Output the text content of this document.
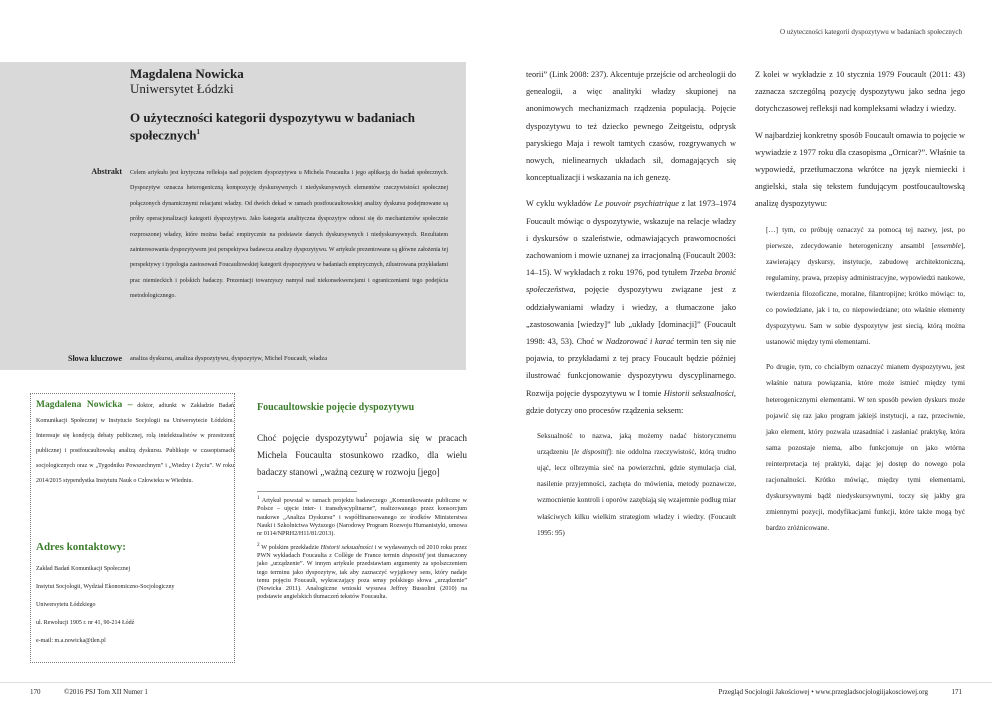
O użyteczności kategorii dyspozytywu w badaniach społecznych
Magdalena Nowicka
Uniwersytet Łódzki
O użyteczności kategorii dyspozytywu w badaniach społecznych$^1$
Abstrakt Celem artykułu jest krytyczna refleksja nad pojęciem dyspozytywu u Michela Foucaulta i jego aplikacją do badań społecznych. Dyspozytyw oznacza heterogeniczną kompozycję dyskursywnych i niedyskursywnych elementów rzeczywistości społecznej połączonych dynamicznymi relacjami władzy. Od dwóch dekad w ramach postfoucaultowskiej analizy dyskursu podejmowane są próby operacjonalizacji kategorii dyspozytywu. Jako kategoria analityczna dyspozytyw odnosi się do mechanizmów społecznie rozproszonej władzy, które można badać empirycznie na podstawie danych dyskursywnych i niedyskursywnych. Rezultatem zainteresowania dyspozytywem jest perspektywa badawcza analizy dyspozytywu. W artykule prezentowane są główne założenia tej perspektywy i typologia zastosowań Foucaultowskiej kategorii dyspozytywu w badaniach empirycznych, zilustrowana przykładami prac niemieckich i polskich badaczy. Prezentacji towarzyszy namysł nad niekonsekwencjami i ograniczeniami tego podejścia metodologicznego.
Słowa kluczowe analiza dyskursu, analiza dyspozytywu, dyspozytyw, Michel Foucault, władza
Magdalena Nowicka – doktor, adiunkt w Zakładzie Badań Komunikacji Społecznej w Instytucie Socjologii na Uniwersytecie Łódzkim. Interesuje się kondycją debaty publicznej, rolą intelektualistów w przestrzeni publicznej i postfoucaultowską analizą dyskursu. Publikuje w czasopismach socjologicznych oraz w „Tygodniku Powszechnym” i „Wiedzy i Życiu”. W roku 2014/2015 stypendystka Instytutu Nauk o Człowieku w Wiedniu.
Adres kontaktowy:
Zakład Badań Komunikacji Społecznej
Instytut Socjologii, Wydział Ekonomiczno-Socjologiczny
Uniwersytetu Łódzkiego
ul. Rewolucji 1905 r. nr 41, 90-214 Łódź
e-mail: m.a.nowicka@tlen.pl
Foucaultowskie pojęcie dyspozytywu
Choć pojęcie dyspozytywu$^2$ pojawia się w pracach Michela Foucaulta stosunkowo rzadko, dla wielu badaczy stanowi „ważną cezurę w rozwoju [jego]
$^1$ Artykuł powstał w ramach projektu badawczego „Komunikowanie publiczne w Polsce – ujęcie inter- i transdyscyplinarne”, realizowanego przez konsorcjum naukowe „Analiza Dyskursu” i współfinansowanego ze środków Ministerstwa Nauki i Szkolnictwa Wyższego (Narodowy Program Rozwoju Humanistyki, umowa nr 0114/NPRH2/H11/81/2013).
$^2$ W polskim przekładzie Historii seksualności i w wydawanych od 2010 roku przez PWN wykładach Foucaulta z Collège de France termin dispositif jest tłumaczony jako „urządzenie”. W innym artykule przedstawiam argumenty za spolszczeniem tego terminu jako dyspozytyw, tak aby zaznaczyć wyjątkowy sens, który nadaje temu pojęciu Foucault, wykraczający poza sensy polskiego słowa „urządzenie” (Nowicka 2011). Analogiczne wnioski wysuwa Jeffrey Bussolini (2010) na podstawie angielskich tłumaczeń tekstów Foucaulta.

teorii” (Link 2008: 237). Akcentuje przejście od archeologii do genealogii, a więc analityki władzy skupionej na anonimowych mechanizmach rządzenia populacją. Pojęcie dyspozytywu to też dziecko pewnego Zeitgeistu, odprysk paryskiego Maja i rewolt tamtych czasów, rozgrywanych w nowych, nielinearnych układach sił, domagających się konceptualizacji i wskazania na ich genezę.

W cyklu wykładów Le pouvoir psychiatrique z lat 1973–1974 Foucault mówiąc o dyspozytywie, wskazuje na relacje władzy i dyskursów o szaleństwie, odmawiających prawomocności zachowaniom i mowie uznanej za irracjonalną (Foucault 2003: 14–15). W wykładach z roku 1976, pod tytułem Trzeba bronić społeczeństwa, pojęcie dyspozytywu związane jest z oddziaływaniami władzy i wiedzy, a tłumaczone jako „zastosowania [wiedzy]” lub „układy [dominacji]” (Foucault 1998: 43, 53). Choć w Nadzorować i karać termin ten się nie pojawia, to przykładami z tej pracy Foucault będzie później ilustrować funkcjonowanie dyspozytywu dyscyplinarnego. Rozwija pojęcie dyspozytywu w I tomie Historii seksualności, gdzie dotyczy ono procesów rządzenia seksem:

Seksualność to nazwa, jaką możemy nadać historycznemu urządzeniu [le dispositif]: nie oddolna rzeczywistość, którą trudno ująć, lecz olbrzymia sieć na powierzchni, gdzie stymulacja ciał, nasilenie przyjemności, zachęta do mówienia, metody poznawcze, wzmocnienie kontroli i oporów zazębiają się wzajemnie podług miar właściwych kilku wielkim strategiom władzy i wiedzy. (Foucault 1995: 95)

Z kolei w wykładzie z 10 stycznia 1979 Foucault (2011: 43) zaznacza szczególną pozycję dyspozytywu jako sedna jego dotychczasowej refleksji nad kompleksami władzy i wiedzy.

W najbardziej konkretny sposób Foucault omawia to pojęcie w wywiadzie z 1977 roku dla czasopisma „Ornicar?”. Właśnie ta wypowiedź, przetłumaczona wkrótce na język niemiecki i angielski, stała się tekstem fundującym postfoucaultowską analizę dyspozytywu:

[…] tym, co próbuję oznaczyć za pomocą tej nazwy, jest, po pierwsze, zdecydowanie heterogeniczny ansambl [ensemble], zawierający dyskursy, instytucje, zabudowę architektoniczną, regulaminy, prawa, przepisy administracyjne, wypowiedzi naukowe, twierdzenia filozoficzne, moralne, filantropijne; krótko mówiąc: to, co powiedziane, jak i to, co niepowiedziane; oto właśnie elementy dyspozytywu. Sam w sobie dyspozytyw jest siecią, którą można ustanowić między tymi elementami.

Po drugie, tym, co chciałbym oznaczyć mianem dyspozytywu, jest właśnie natura powiązania, które może istnieć między tymi heterogenicznymi elementami. W ten sposób pewien dyskurs może pojawić się raz jako program jakiejś instytucji, a raz, przeciwnie, jako element, który pozwala uzasadniać i zasłaniać praktykę, która sama pozostaje niema, albo funkcjonuje on jako wtórna reinterpretacja tej praktyki, dając jej dostęp do nowego pola racjonalności. Krótko mówiąc, między tymi elementami, dyskursywnymi bądź niedyskursywnymi, toczy się jakby gra zmiennymi pozycji, modyfikacjami funkcji, które także mogą być bardzo zróżnicowane.

170	©2016 PSJ Tom XII Numer 1	Przegląd Socjologii Jakościowej • www.przegladsocjologiijakosciowej.org	171
